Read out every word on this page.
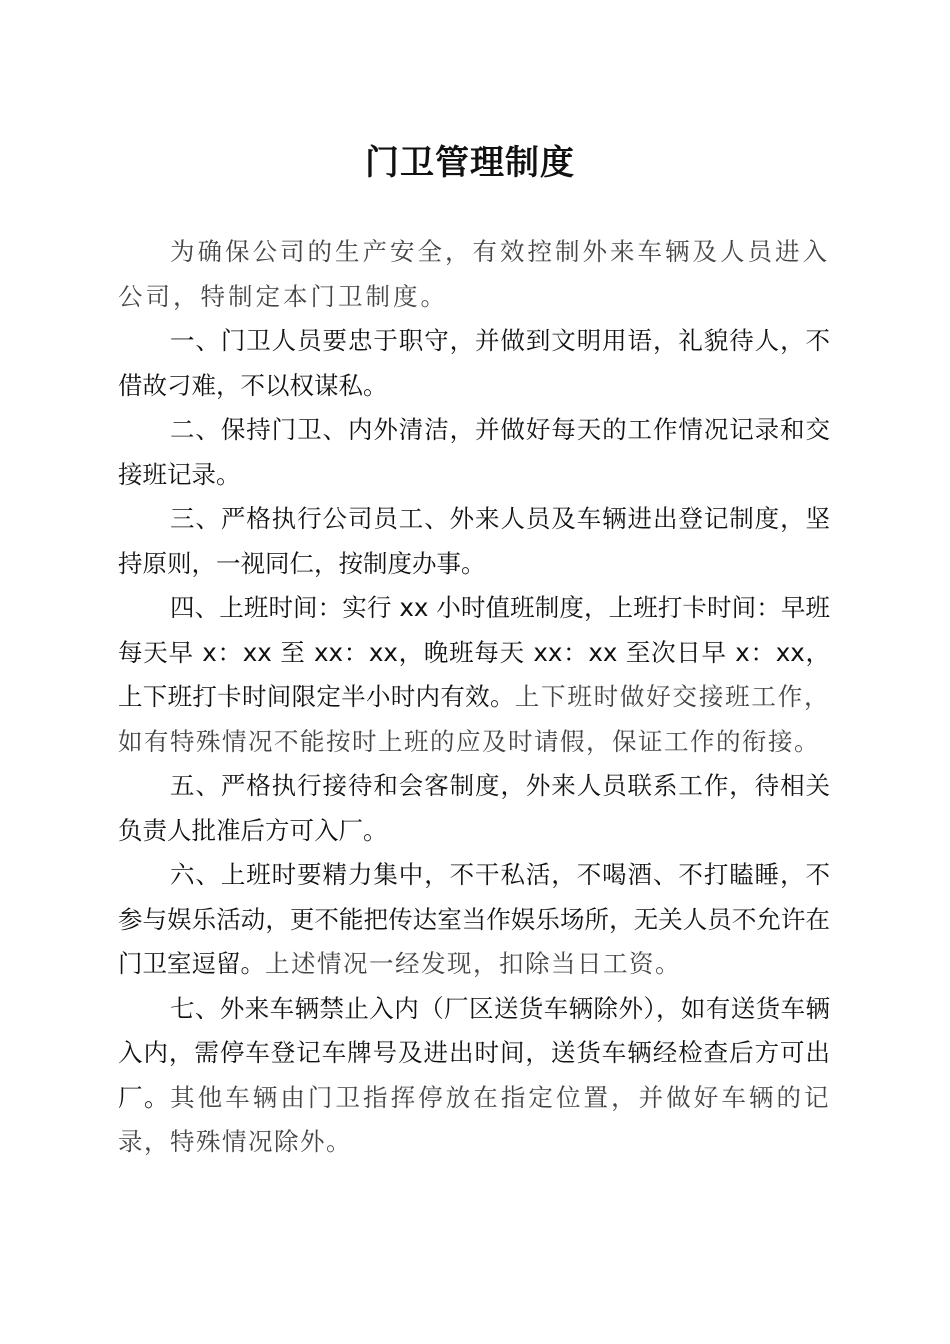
门卫管理制度

为确保公司的生产安全，有效控制外来车辆及人员进入公司，特制定本门卫制度。

一、门卫人员要忠于职守，并做到文明用语，礼貌待人，不借故刁难，不以权谋私。

二、保持门卫、内外清洁，并做好每天的工作情况记录和交接班记录。

三、严格执行公司员工、外来人员及车辆进出登记制度，坚持原则，一视同仁，按制度办事。

四、上班时间：实行 xx 小时值班制度，上班打卡时间：早班每天早 x：xx 至 xx：xx，晚班每天 xx：xx 至次日早 x：xx，上下班打卡时间限定半小时内有效。上下班时做好交接班工作，如有特殊情况不能按时上班的应及时请假，保证工作的衔接。

五、严格执行接待和会客制度，外来人员联系工作，待相关负责人批准后方可入厂。

六、上班时要精力集中，不干私活，不喝酒、不打瞌睡，不参与娱乐活动，更不能把传达室当作娱乐场所，无关人员不允许在门卫室逗留。上述情况一经发现，扣除当日工资。

七、外来车辆禁止入内（厂区送货车辆除外），如有送货车辆入内，需停车登记车牌号及进出时间，送货车辆经检查后方可出厂。其他车辆由门卫指挥停放在指定位置，并做好车辆的记录，特殊情况除外。
